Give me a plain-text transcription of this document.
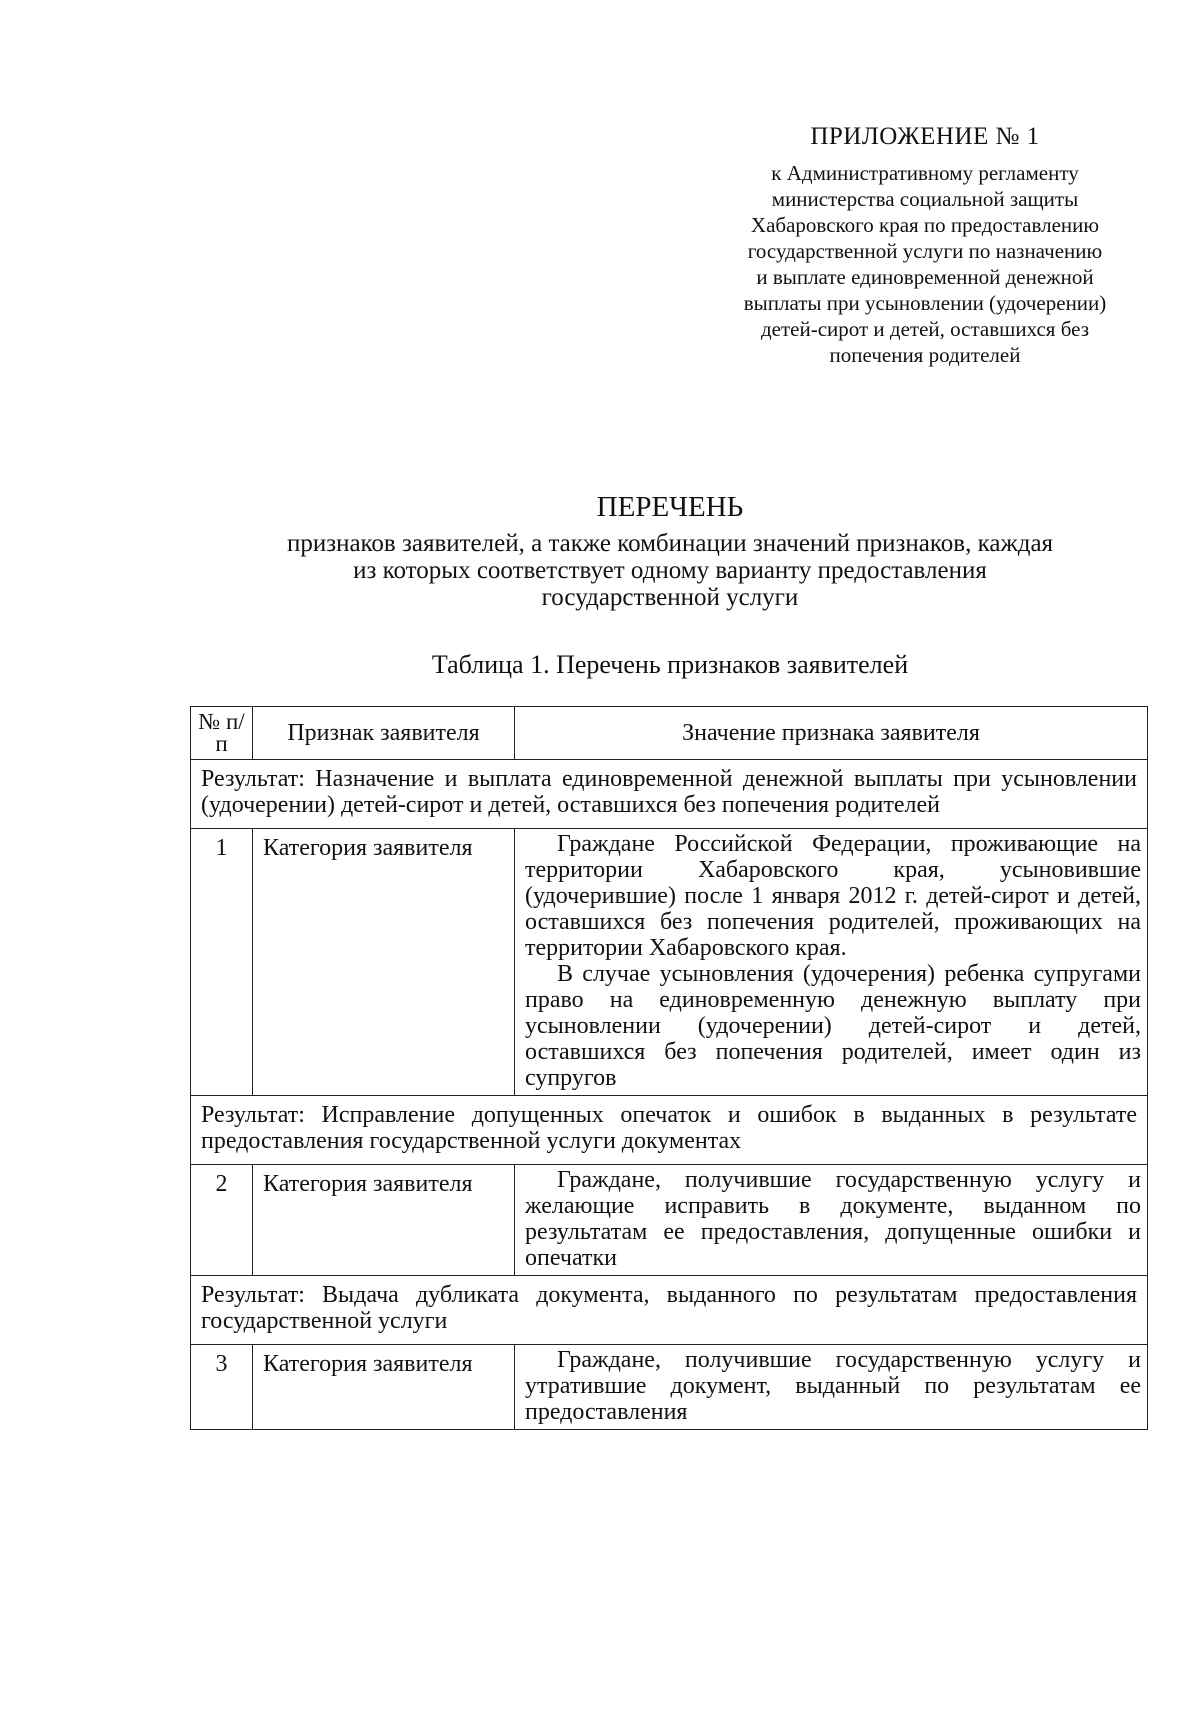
ПРИЛОЖЕНИЕ № 1
к Административному регламенту
министерства социальной защиты
Хабаровского края по предоставлению
государственной услуги по назначению
и выплате единовременной денежной
выплаты при усыновлении (удочерении)
детей-сирот и детей, оставшихся без
попечения родителей
ПЕРЕЧЕНЬ
признаков заявителей, а также комбинации значений признаков, каждая
из которых соответствует одному варианту предоставления
государственной услуги
Таблица 1. Перечень признаков заявителей
№ п/п	Признак заявителя	Значение признака заявителя
Результат: Назначение и выплата единовременной денежной выплаты при усыновлении (удочерении) детей-сирот и детей, оставшихся без попечения родителей		
1	Категория заявителя	Граждане Российской Федерации, проживающие на территории Хабаровского края, усыновившие (удочерившие) после 1 января 2012 г. детей-сирот и детей, оставшихся без попечения родителей, проживающих на территории Хабаровского края.

В случае усыновления (удочерения) ребенка супругами право на единовременную денежную выплату при усыновлении (удочерении) детей-сирот и детей, оставшихся без попечения родителей, имеет один из супругов

Результат: Исправление допущенных опечаток и ошибок в выданных в результате предоставления государственной услуги документах		
2	Категория заявителя	Граждане, получившие государственную услугу и желающие исправить в документе, выданном по результатам ее предоставления, допущенные ошибки и опечатки

Результат: Выдача дубликата документа, выданного по результатам предоставления государственной услуги		
3	Категория заявителя	Граждане, получившие государственную услугу и утратившие документ, выданный по результатам ее предоставления
